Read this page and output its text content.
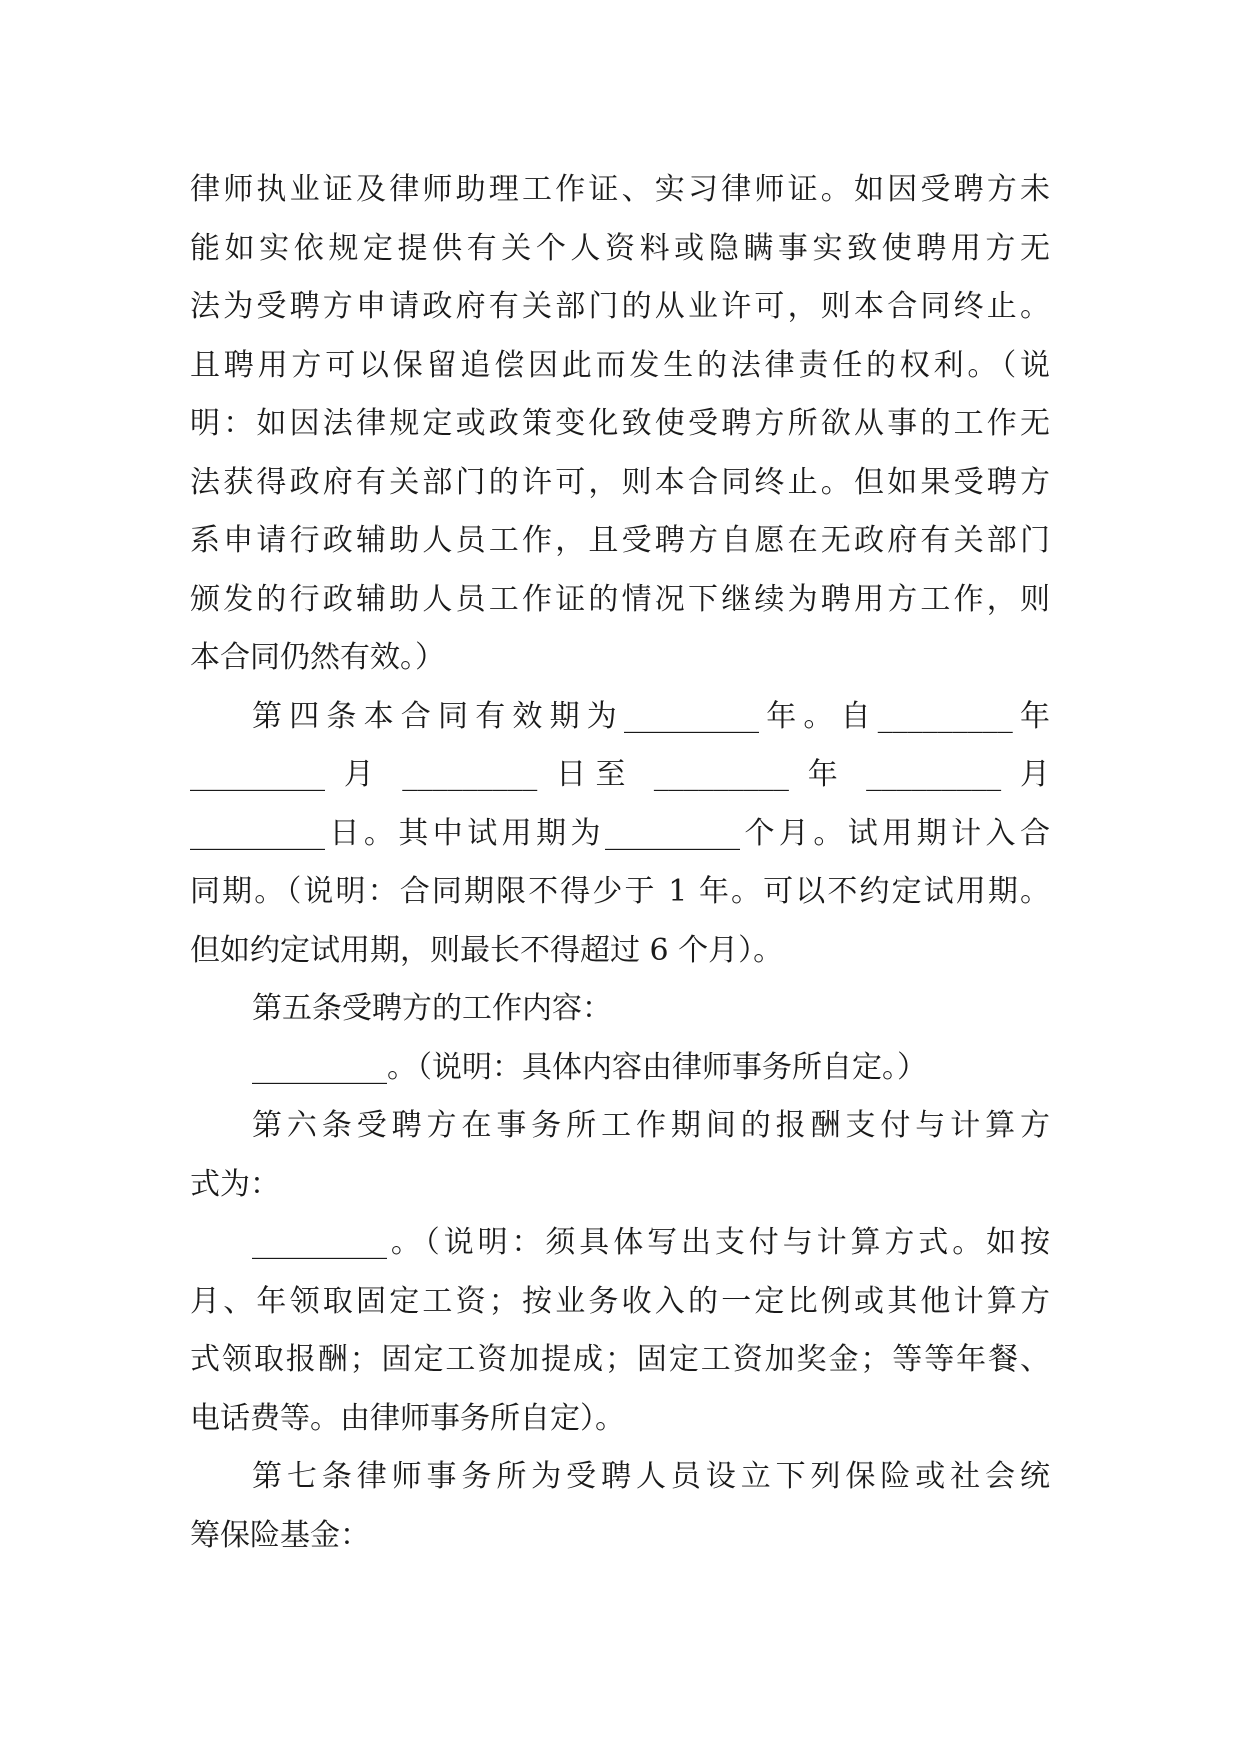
律师执业证及律师助理工作证、实习律师证。如因受聘方未
能如实依规定提供有关个人资料或隐瞒事实致使聘用方无
法为受聘方申请政府有关部门的从业许可，则本合同终止。
且聘用方可以保留追偿因此而发生的法律责任的权利。（说
明：如因法律规定或政策变化致使受聘方所欲从事的工作无
法获得政府有关部门的许可，则本合同终止。但如果受聘方
系申请行政辅助人员工作，且受聘方自愿在无政府有关部门
颁发的行政辅助人员工作证的情况下继续为聘用方工作，则
本合同仍然有效。）
第四条本合同有效期为_________年。自_________年
_________ 月 _________ 日至 _________ 年 _________ 月
_________日。其中试用期为_________个月。试用期计入合
同期。（说明：合同期限不得少于 1 年。可以不约定试用期。
但如约定试用期，则最长不得超过 6 个月）。
第五条受聘方的工作内容：
_________。（说明：具体内容由律师事务所自定。）
第六条受聘方在事务所工作期间的报酬支付与计算方
式为：
_________。（说明：须具体写出支付与计算方式。如按
月、年领取固定工资；按业务收入的一定比例或其他计算方
式领取报酬；固定工资加提成；固定工资加奖金；等等年餐、
电话费等。由律师事务所自定）。
第七条律师事务所为受聘人员设立下列保险或社会统
筹保险基金：
